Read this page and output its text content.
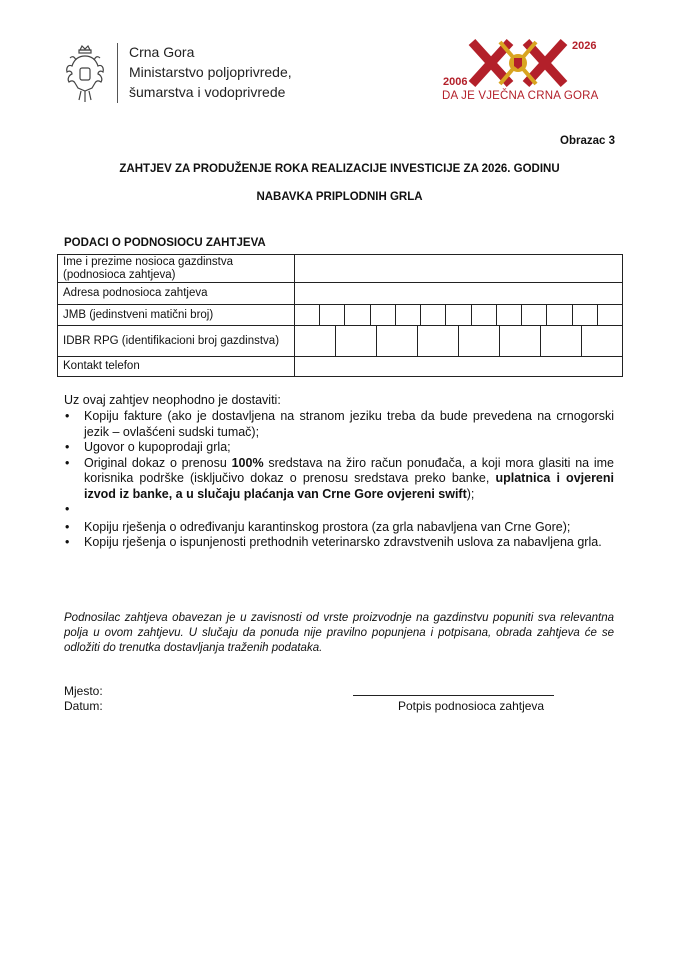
Crna Gora
Ministarstvo poljoprivrede,
šumarstva i vodoprivrede
2006
2026
DA JE VJEČNA CRNA GORA
Obrazac 3
ZAHTJEV ZA PRODUŽENJE ROKA REALIZACIJE INVESTICIJE ZA 2026. GODINU
NABAVKA PRIPLODNIH GRLA
PODACI O PODNOSIOCU ZAHTJEVA
Ime i prezime nosioca gazdinstva (podnosioca zahtjeva)	
Adresa podnosioca zahtjeva	
JMB (jedinstveni matični broj)	

IDBR RPG (identifikacioni broj gazdinstva)	

Kontakt telefon	
Uz ovaj zahtjev neophodno je dostaviti:
• Kopiju fakture (ako je dostavljena na stranom jeziku treba da bude prevedena na crnogorski jezik – ovlašćeni sudski tumač);
• Ugovor o kupoprodaji grla;
• Original dokaz o prenosu 100% sredstava na žiro račun ponuđača, a koji mora glasiti na ime korisnika podrške (isključivo dokaz o prenosu sredstava preko banke, uplatnica i ovjereni izvod iz banke, a u slučaju plaćanja van Crne Gore ovjereni swift);
•
• Kopiju rješenja o određivanju karantinskog prostora (za grla nabavljena van Crne Gore);
• Kopiju rješenja o ispunjenosti prethodnih veterinarsko zdravstvenih uslova za nabavljena grla.
Podnosilac zahtjeva obavezan je u zavisnosti od vrste proizvodnje na gazdinstvu popuniti sva relevantna polja u ovom zahtjevu. U slučaju da ponuda nije pravilno popunjena i potpisana, obrada zahtjeva će se odložiti do trenutka dostavljanja traženih podataka.
Mjesto:
Datum:	Potpis podnosioca zahtjeva
